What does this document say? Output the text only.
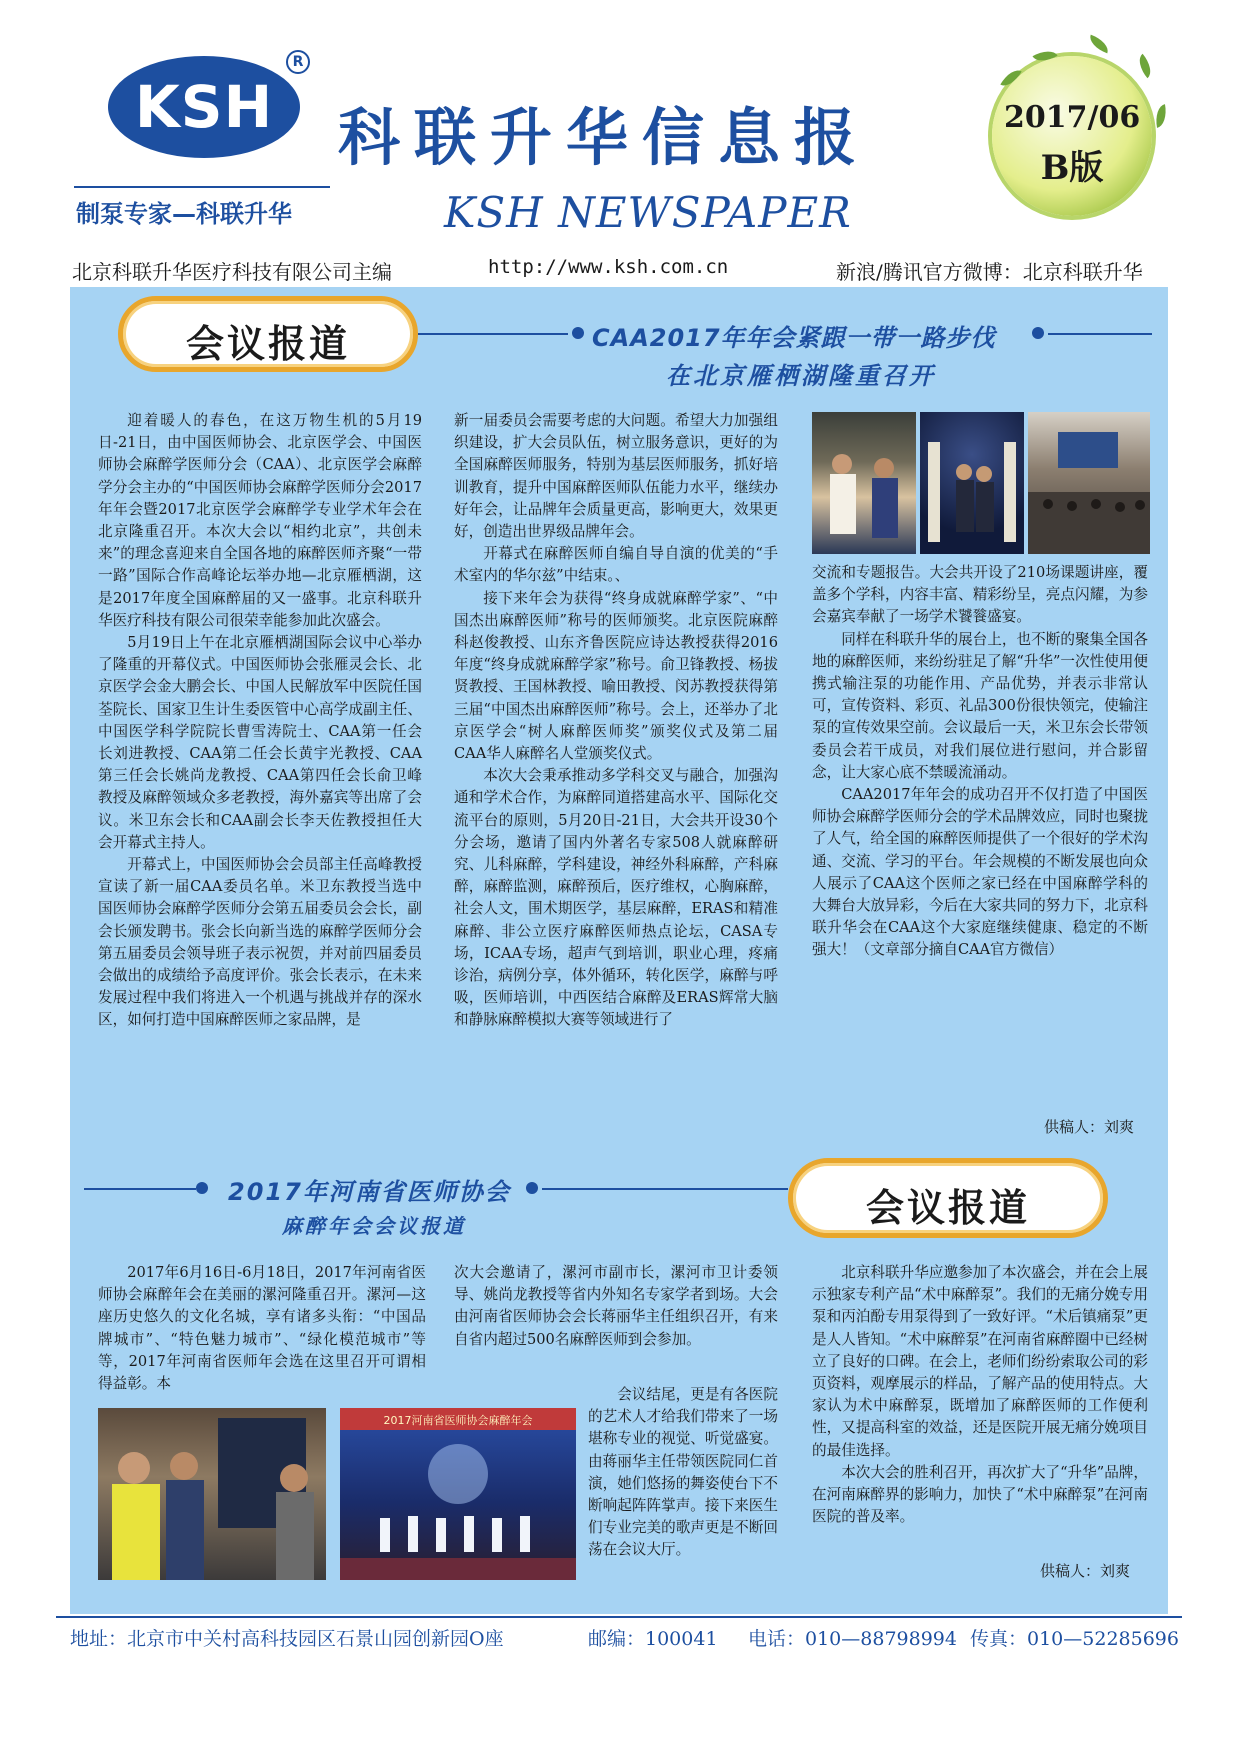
KSH
R
制泵专家—科联升华
科联升华信息报
KSH NEWSPAPER
2017/06
B版
北京科联升华医疗科技有限公司主编	http://www.ksh.com.cn	新浪/腾讯官方微博：北京科联升华
会议报道	CAA2017年年会紧跟一带一路步伐
在北京雁栖湖隆重召开

迎着暖人的春色，在这万物生机的5月19日-21日，由中国医师协会、北京医学会、中国医师协会麻醉学医师分会（CAA）、北京医学会麻醉学分会主办的“中国医师协会麻醉学医师分会2017年年会暨2017北京医学会麻醉学专业学术年会在北京隆重召开。本次大会以“相约北京”，共创未来”的理念喜迎来自全国各地的麻醉医师齐聚“一带一路”国际合作高峰论坛举办地—北京雁栖湖，这是2017年度全国麻醉届的又一盛事。北京科联升华医疗科技有限公司很荣幸能参加此次盛会。

5月19日上午在北京雁栖湖国际会议中心举办了隆重的开幕仪式。中国医师协会张雁灵会长、北京医学会金大鹏会长、中国人民解放军中医院任国荃院长、国家卫生计生委医管中心高学成副主任、中国医学科学院院长曹雪涛院士、CAA第一任会长刘进教授、CAA第二任会长黄宇光教授、CAA第三任会长姚尚龙教授、CAA第四任会长俞卫峰教授及麻醉领域众多老教授，海外嘉宾等出席了会议。米卫东会长和CAA副会长李天佐教授担任大会开幕式主持人。

开幕式上，中国医师协会会员部主任高峰教授宣读了新一届CAA委员名单。米卫东教授当选中国医师协会麻醉学医师分会第五届委员会会长，副会长颁发聘书。张会长向新当选的麻醉学医师分会第五届委员会领导班子表示祝贺，并对前四届委员会做出的成绩给予高度评价。张会长表示，在未来发展过程中我们将进入一个机遇与挑战并存的深水区，如何打造中国麻醉医师之家品牌，是

新一届委员会需要考虑的大问题。希望大力加强组织建设，扩大会员队伍，树立服务意识，更好的为全国麻醉医师服务，特别为基层医师服务，抓好培训教育，提升中国麻醉医师队伍能力水平，继续办好年会，让品牌年会质量更高，影响更大，效果更好，创造出世界级品牌年会。

开幕式在麻醉医师自编自导自演的优美的“手术室内的华尔兹”中结束。、

接下来年会为获得“终身成就麻醉学家”、“中国杰出麻醉医师”称号的医师颁奖。北京医院麻醉科赵俊教授、山东齐鲁医院应诗达教授获得2016年度“终身成就麻醉学家”称号。俞卫锋教授、杨拔贤教授、王国林教授、喻田教授、闵苏教授获得第三届“中国杰出麻醉医师”称号。会上，还举办了北京医学会“树人麻醉医师奖”颁奖仪式及第二届CAA华人麻醉名人堂颁奖仪式。

本次大会秉承推动多学科交叉与融合，加强沟通和学术合作，为麻醉同道搭建高水平、国际化交流平台的原则，5月20日-21日，大会共开设30个分会场，邀请了国内外著名专家508人就麻醉研究、儿科麻醉，学科建设，神经外科麻醉，产科麻醉，麻醉监测，麻醉预后，医疗维权，心胸麻醉，社会人文，围术期医学，基层麻醉，ERAS和精准麻醉、非公立医疗麻醉医师热点论坛，CASA专场，ICAA专场，超声气到培训，职业心理，疼痛诊治，病例分享，体外循环，转化医学，麻醉与呼吸，医师培训，中西医结合麻醉及ERAS辉常大脑和静脉麻醉模拟大赛等领域进行了

交流和专题报告。大会共开设了210场课题讲座，覆盖多个学科，内容丰富、精彩纷呈，亮点闪耀，为参会嘉宾奉献了一场学术饕餮盛宴。

同样在科联升华的展台上，也不断的聚集全国各地的麻醉医师，来纷纷驻足了解“升华”一次性使用便携式输注泵的功能作用、产品优势，并表示非常认可，宣传资料、彩页、礼品300份很快领完，使输注泵的宣传效果空前。会议最后一天，米卫东会长带领委员会若干成员，对我们展位进行慰问，并合影留念，让大家心底不禁暖流涌动。

CAA2017年年会的成功召开不仅打造了中国医师协会麻醉学医师分会的学术品牌效应，同时也聚拢了人气，给全国的麻醉医师提供了一个很好的学术沟通、交流、学习的平台。年会规模的不断发展也向众人展示了CAA这个医师之家已经在中国麻醉学科的大舞台大放异彩，今后在大家共同的努力下，北京科联升华会在CAA这个大家庭继续健康、稳定的不断强大！（文章部分摘自CAA官方微信）

供稿人：刘爽
2017年河南省医师协会
麻醉年会会议报道	会议报道

2017年6月16日-6月18日，2017年河南省医师协会麻醉年会在美丽的漯河隆重召开。漯河—这座历史悠久的文化名城，享有诸多头衔：“中国品牌城市”、“特色魅力城市”、“绿化模范城市”等等，2017年河南省医师年会选在这里召开可谓相得益彰。本

2017河南省医师协会麻醉年会

次大会邀请了，漯河市副市长，漯河市卫计委领导、姚尚龙教授等省内外知名专家学者到场。大会由河南省医师协会会长蒋丽华主任组织召开，有来自省内超过500名麻醉医师到会参加。

会议结尾，更是有各医院的艺术人才给我们带来了一场堪称专业的视觉、听觉盛宴。由蒋丽华主任带领医院同仁首演，她们悠扬的舞姿使台下不断响起阵阵掌声。接下来医生们专业完美的歌声更是不断回荡在会议大厅。

北京科联升华应邀参加了本次盛会，并在会上展示独家专利产品“术中麻醉泵”。我们的无痛分娩专用泵和丙泊酚专用泵得到了一致好评。“术后镇痛泵”更是人人皆知。“术中麻醉泵”在河南省麻醉圈中已经树立了良好的口碑。在会上，老师们纷纷索取公司的彩页资料，观摩展示的样品，了解产品的使用特点。大家认为术中麻醉泵，既增加了麻醉医师的工作便利性，又提高科室的效益，还是医院开展无痛分娩项目的最佳选择。

本次大会的胜利召开，再次扩大了“升华”品牌，在河南麻醉界的影响力，加快了“术中麻醉泵”在河南医院的普及率。

供稿人：刘爽
地址：北京市中关村高科技园区石景山园创新园O座	邮编：100041 电话：010—88798994 传真：010—52285696
